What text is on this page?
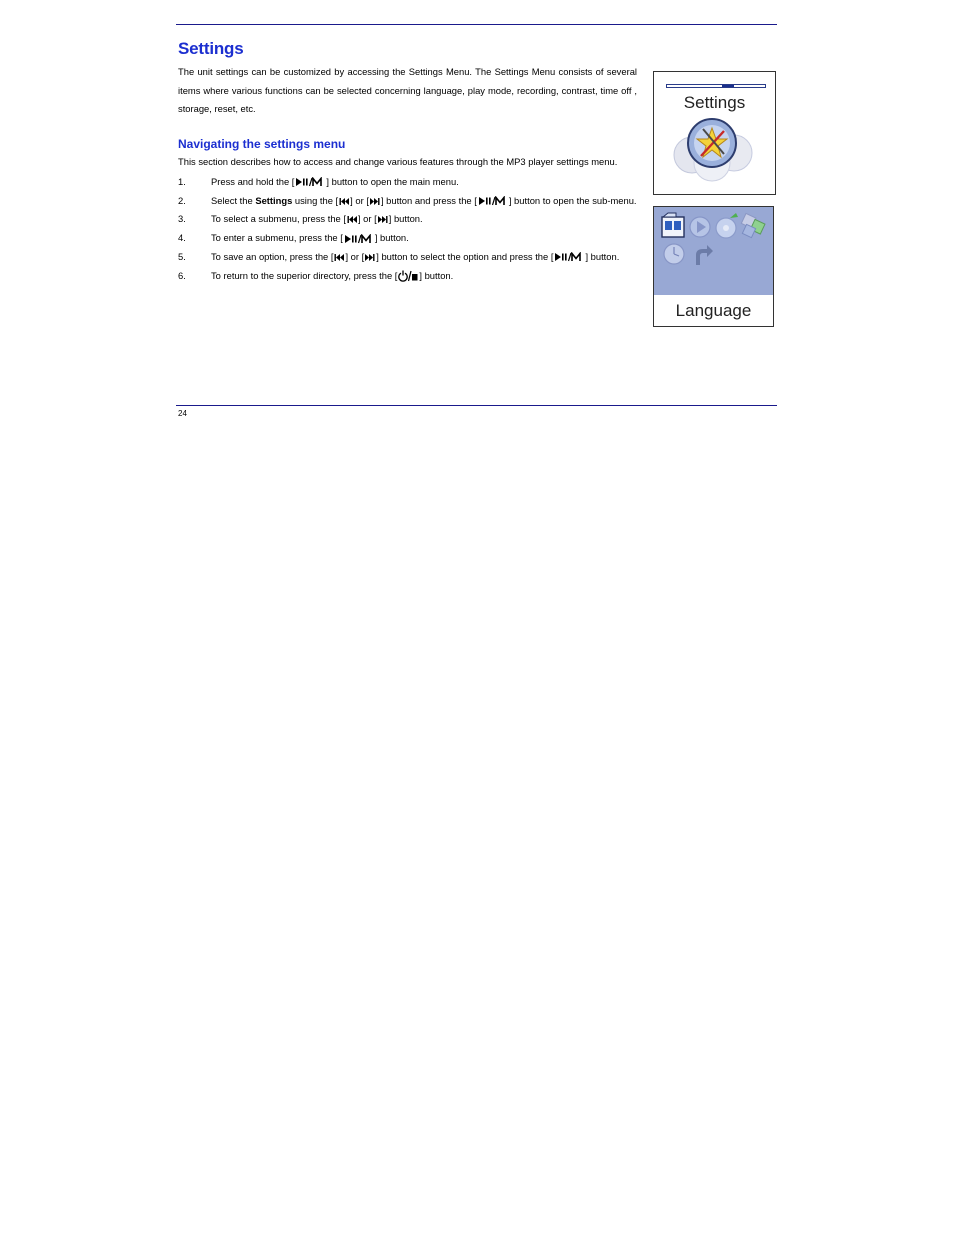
Settings

The unit settings can be customized by accessing the Settings Menu. The Settings Menu consists of several items where various functions can be selected concerning language, play mode, recording, contrast, time off , storage, reset, etc.

Navigating the settings menu

This section describes how to access and change various features through the MP3 player settings menu.

1.	Press and hold the [	] button to open the main menu.
2.	Select the Settings using the [ ] or [ ] button and press the [	] button to open the sub-menu.
3.	To select a submenu, press the [ ] or [ ] button.
4.	To enter a submenu, press the [	] button.
5.	To save an option, press the [ ] or [ ] button to select the option and press the [	] button.
6.	To return to the superior directory, press the [ ] button.
Settings
Language
24
